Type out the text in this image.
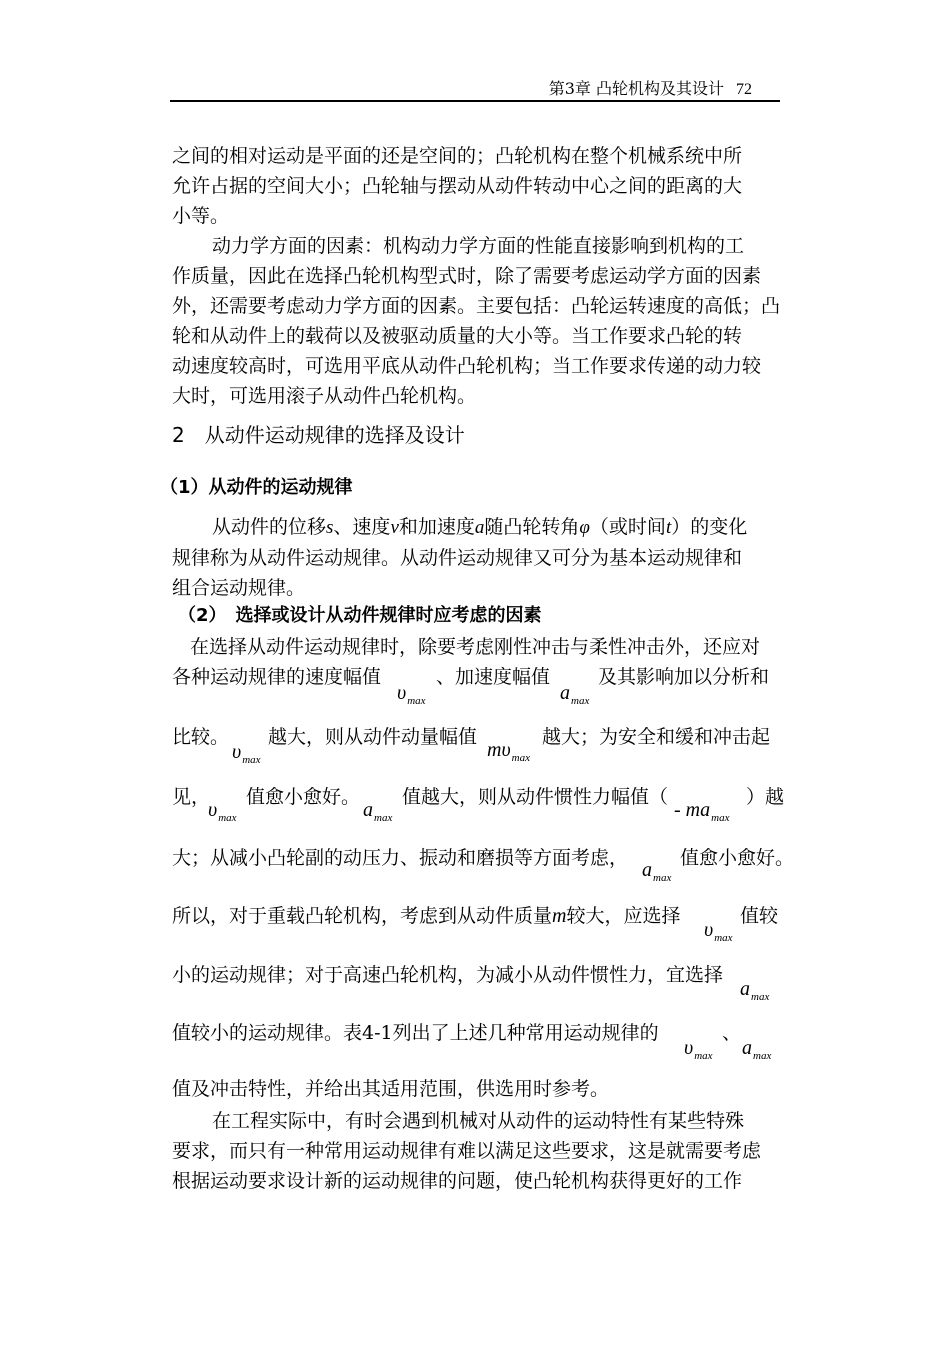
第3章 凸轮机构及其设计 72
之间的相对运动是平面的还是空间的；凸轮机构在整个机械系统中所
允许占据的空间大小；凸轮轴与摆动从动件转动中心之间的距离的大
小等。
动力学方面的因素：机构动力学方面的性能直接影响到机构的工
作质量，因此在选择凸轮机构型式时，除了需要考虑运动学方面的因素
外，还需要考虑动力学方面的因素。主要包括：凸轮运转速度的高低；凸
轮和从动件上的载荷以及被驱动质量的大小等。当工作要求凸轮的转
动速度较高时，可选用平底从动件凸轮机构；当工作要求传递的动力较
大时，可选用滚子从动件凸轮机构。
2　从动件运动规律的选择及设计
（1）从动件的运动规律
从动件的位移s、速度v和加速度a随凸轮转角φ（或时间t）的变化
规律称为从动件运动规律。从动件运动规律又可分为基本运动规律和
组合运动规律。
（2）　选择或设计从动件规律时应考虑的因素
在选择从动件运动规律时，除要考虑刚性冲击与柔性冲击外，还应对
各种运动规律的速度幅值
$\upsilon_{max}$
、加速度幅值
$a_{max}$
及其影响加以分析和
比较。
$\upsilon_{max}$
越大，则从动件动量幅值
$m\upsilon_{max}$
越大；为安全和缓和冲击起
见，
$\upsilon_{max}$
值愈小愈好。
$a_{max}$
值越大，则从动件惯性力幅值（
- $ma_{max}$
）越
大；从减小凸轮副的动压力、振动和磨损等方面考虑，
$a_{max}$
值愈小愈好。
所以，对于重载凸轮机构，考虑到从动件质量m较大，应选择
$\upsilon_{max}$
值较
小的运动规律；对于高速凸轮机构，为减小从动件惯性力，宜选择
$a_{max}$
值较小的运动规律。表4-1列出了上述几种常用运动规律的
$\upsilon_{max}$
、
$a_{max}$
值及冲击特性，并给出其适用范围，供选用时参考。
在工程实际中，有时会遇到机械对从动件的运动特性有某些特殊
要求，而只有一种常用运动规律有难以满足这些要求，这是就需要考虑
根据运动要求设计新的运动规律的问题，使凸轮机构获得更好的工作
